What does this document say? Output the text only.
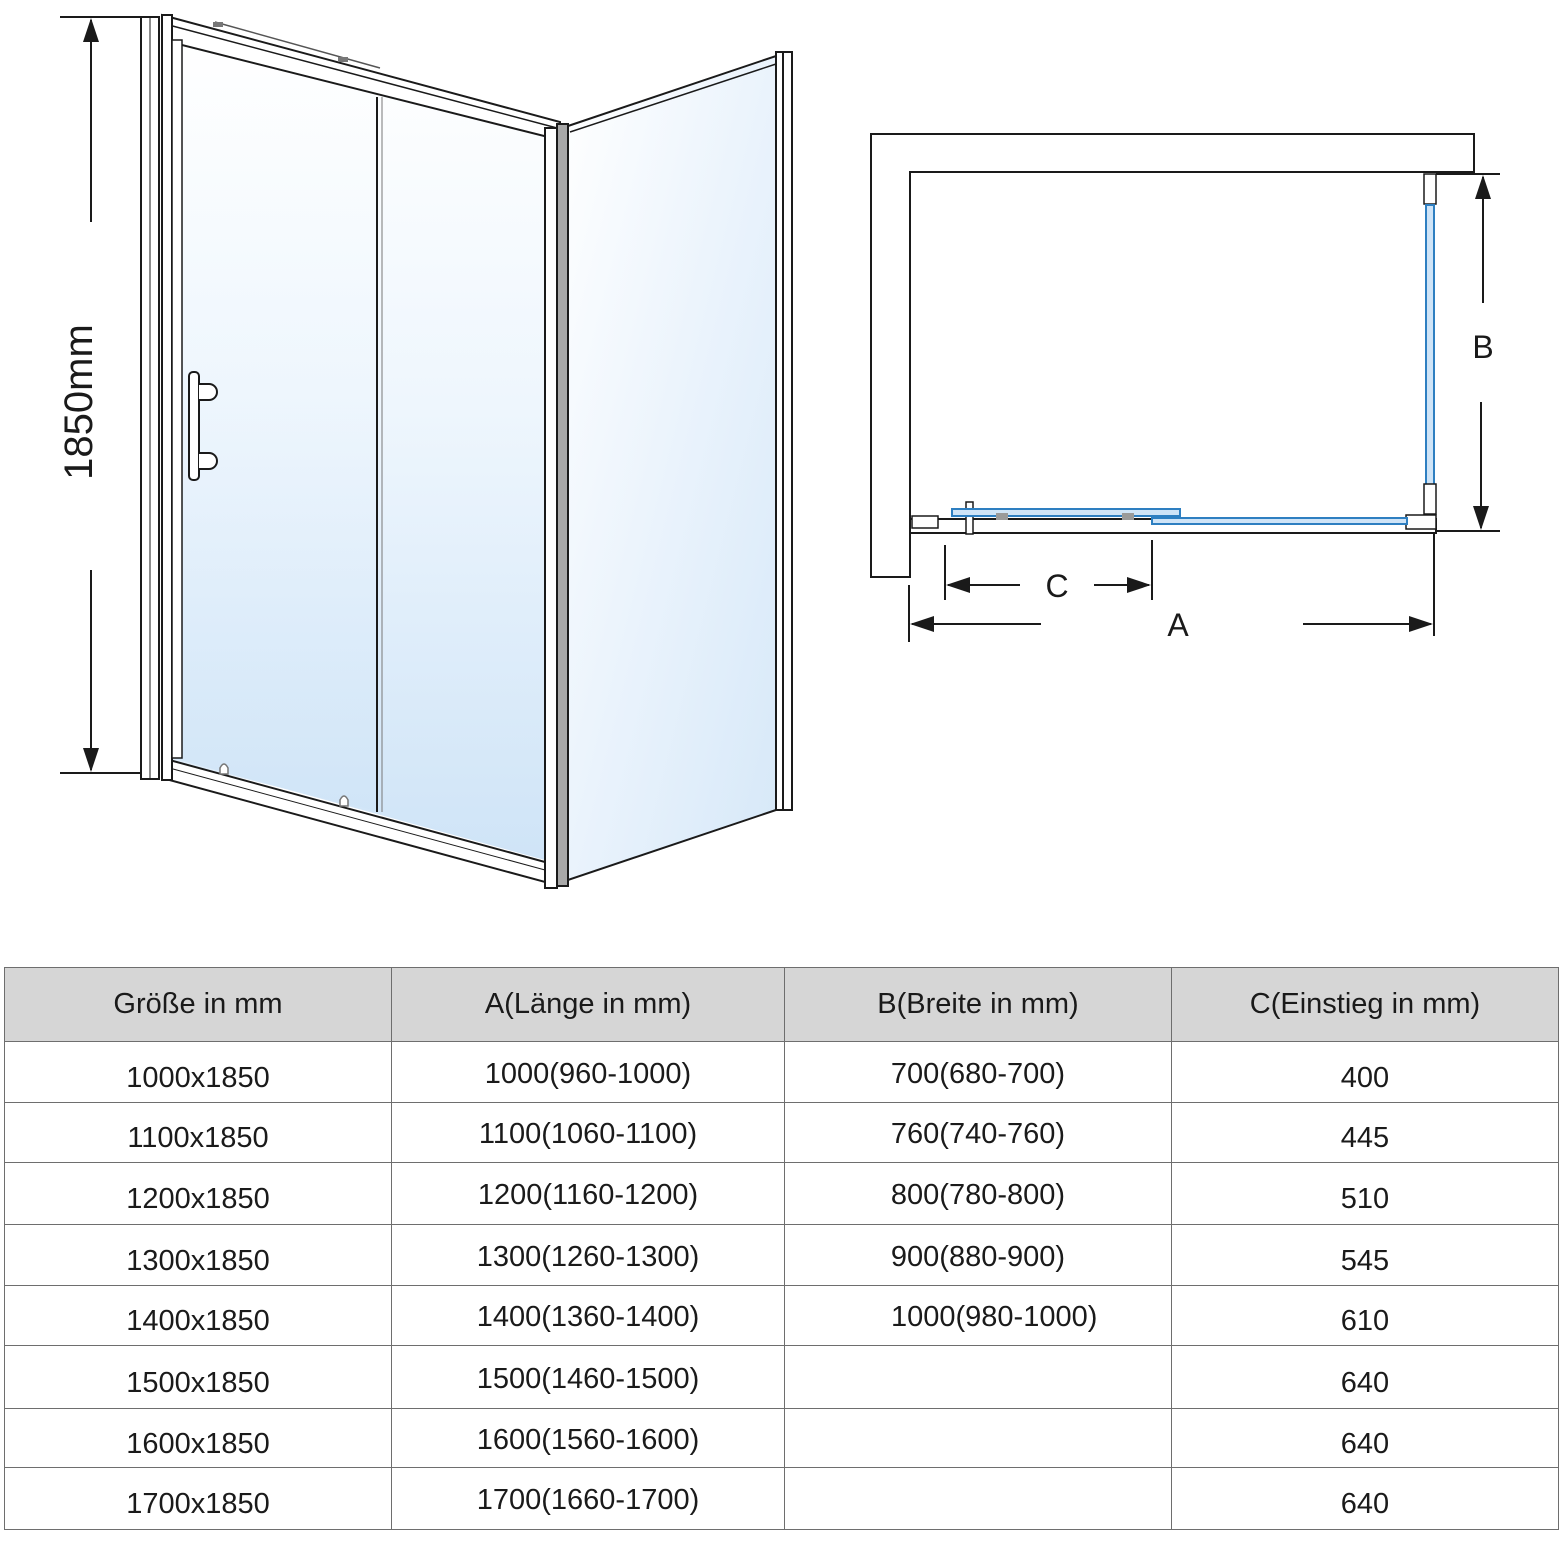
1850mm	B
C
A
Größe in mm	A(Länge in mm)	B(Breite in mm)	C(Einstieg in mm)
1000x1850	1000(960-1000)	700(680-700)	400
1100x1850	1100(1060-1100)	760(740-760)	445
1200x1850	1200(1160-1200)	800(780-800)	510
1300x1850	1300(1260-1300)	900(880-900)	545
1400x1850	1400(1360-1400)	1000(980-1000)	610
1500x1850	1500(1460-1500)		640
1600x1850	1600(1560-1600)		640
1700x1850	1700(1660-1700)		640
